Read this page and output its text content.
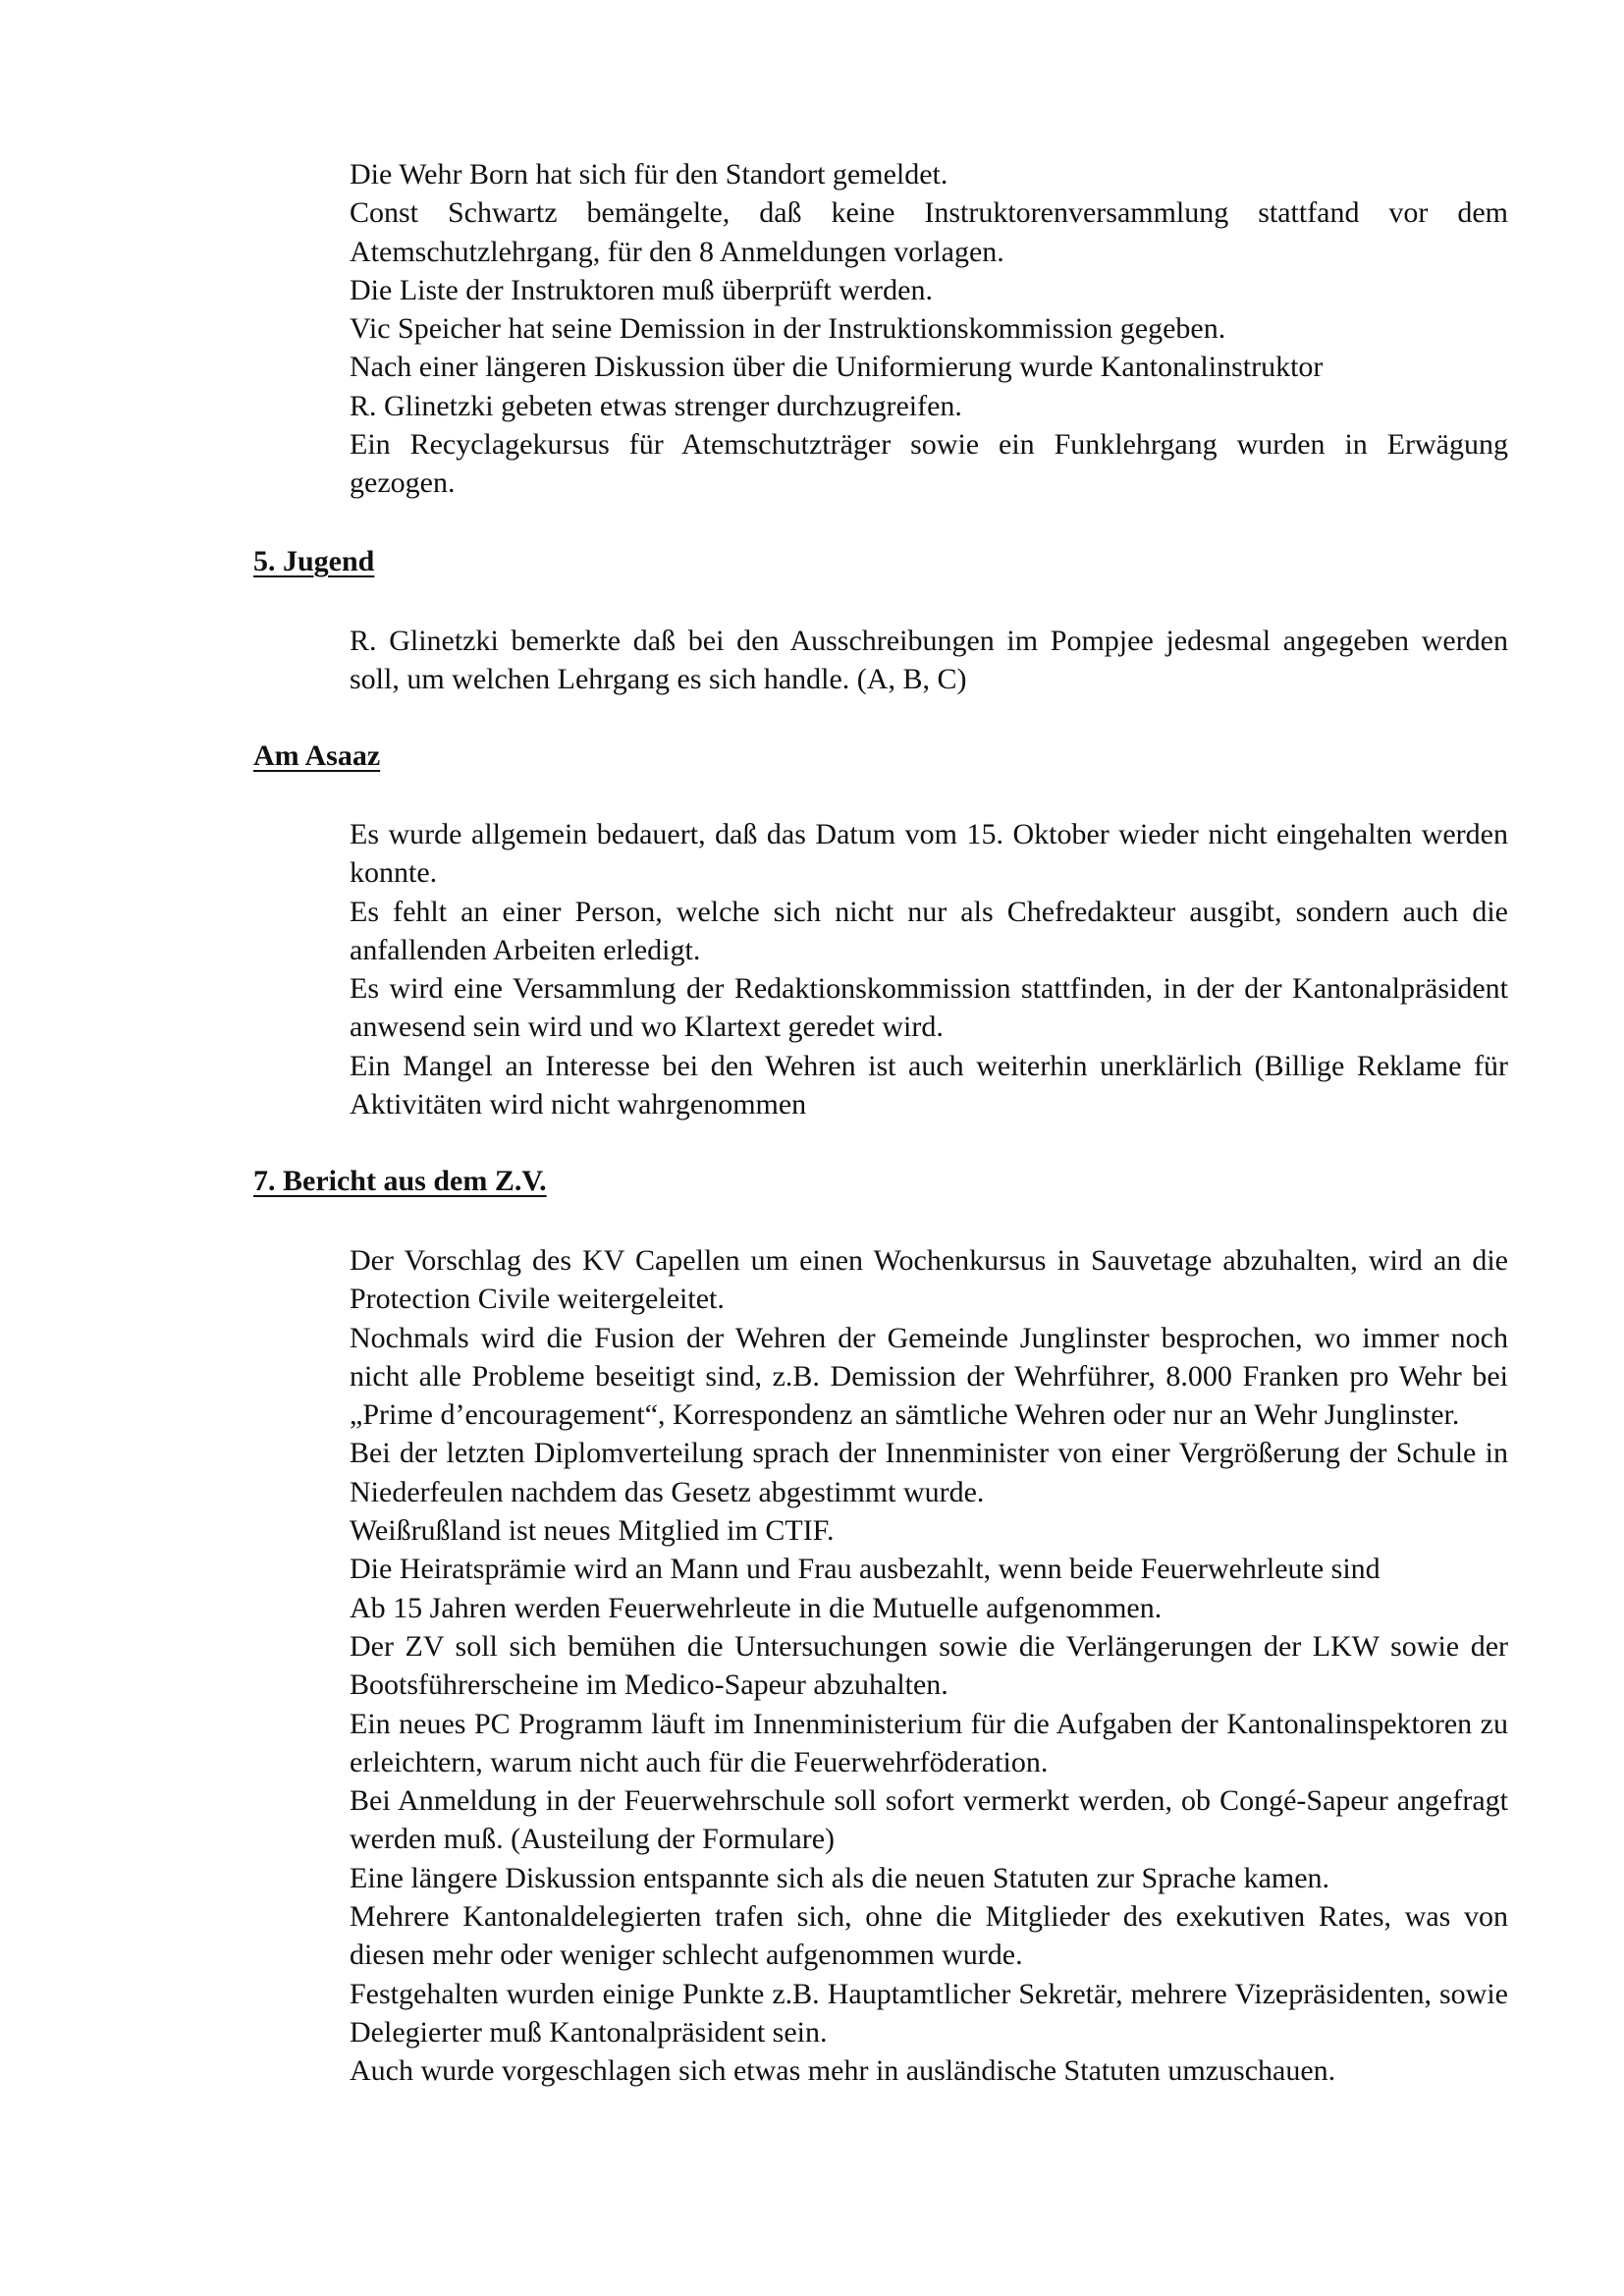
Die Wehr Born hat sich für den Standort gemeldet.

Const Schwartz bemängelte, daß keine Instruktorenversammlung stattfand vor dem Atemschutzlehrgang, für den 8 Anmeldungen vorlagen.

Die Liste der Instruktoren muß überprüft werden.

Vic Speicher hat seine Demission in der Instruktionskommission gegeben.

Nach einer längeren Diskussion über die Uniformierung wurde Kantonalinstruktor

R. Glinetzki gebeten etwas strenger durchzugreifen.

Ein Recyclagekursus für Atemschutzträger sowie ein Funklehrgang wurden in Erwägung gezogen.

5. Jugend

R. Glinetzki bemerkte daß bei den Ausschreibungen im Pompjee jedesmal angegeben werden soll, um welchen Lehrgang es sich handle. (A, B, C)

Am Asaaz

Es wurde allgemein bedauert, daß das Datum vom 15. Oktober wieder nicht eingehalten werden konnte.

Es fehlt an einer Person, welche sich nicht nur als Chefredakteur ausgibt, sondern auch die anfallenden Arbeiten erledigt.

Es wird eine Versammlung der Redaktionskommission stattfinden, in der der Kantonalpräsident anwesend sein wird und wo Klartext geredet wird.

Ein Mangel an Interesse bei den Wehren ist auch weiterhin unerklärlich (Billige Reklame für Aktivitäten wird nicht wahrgenommen

7. Bericht aus dem Z.V.

Der Vorschlag des KV Capellen um einen Wochenkursus in Sauvetage abzuhalten, wird an die Protection Civile weitergeleitet.

Nochmals wird die Fusion der Wehren der Gemeinde Junglinster besprochen, wo immer noch nicht alle Probleme beseitigt sind, z.B. Demission der Wehrführer, 8.000 Franken pro Wehr bei „Prime d’encouragement“, Korrespondenz an sämtliche Wehren oder nur an Wehr Junglinster.

Bei der letzten Diplomverteilung sprach der Innenminister von einer Vergrößerung der Schule in Niederfeulen nachdem das Gesetz abgestimmt wurde.

Weißrußland ist neues Mitglied im CTIF.

Die Heiratsprämie wird an Mann und Frau ausbezahlt, wenn beide Feuerwehrleute sind

Ab 15 Jahren werden Feuerwehrleute in die Mutuelle aufgenommen.

Der ZV soll sich bemühen die Untersuchungen sowie die Verlängerungen der LKW sowie der Bootsführerscheine im Medico-Sapeur abzuhalten.

Ein neues PC Programm läuft im Innenministerium für die Aufgaben der Kantonalinspektoren zu erleichtern, warum nicht auch für die Feuerwehrföderation.

Bei Anmeldung in der Feuerwehrschule soll sofort vermerkt werden, ob Congé-Sapeur angefragt werden muß. (Austeilung der Formulare)

Eine längere Diskussion entspannte sich als die neuen Statuten zur Sprache kamen.

Mehrere Kantonaldelegierten trafen sich, ohne die Mitglieder des exekutiven Rates, was von diesen mehr oder weniger schlecht aufgenommen wurde.

Festgehalten wurden einige Punkte z.B. Hauptamtlicher Sekretär, mehrere Vizepräsidenten, sowie Delegierter muß Kantonalpräsident sein.

Auch wurde vorgeschlagen sich etwas mehr in ausländische Statuten umzuschauen.
